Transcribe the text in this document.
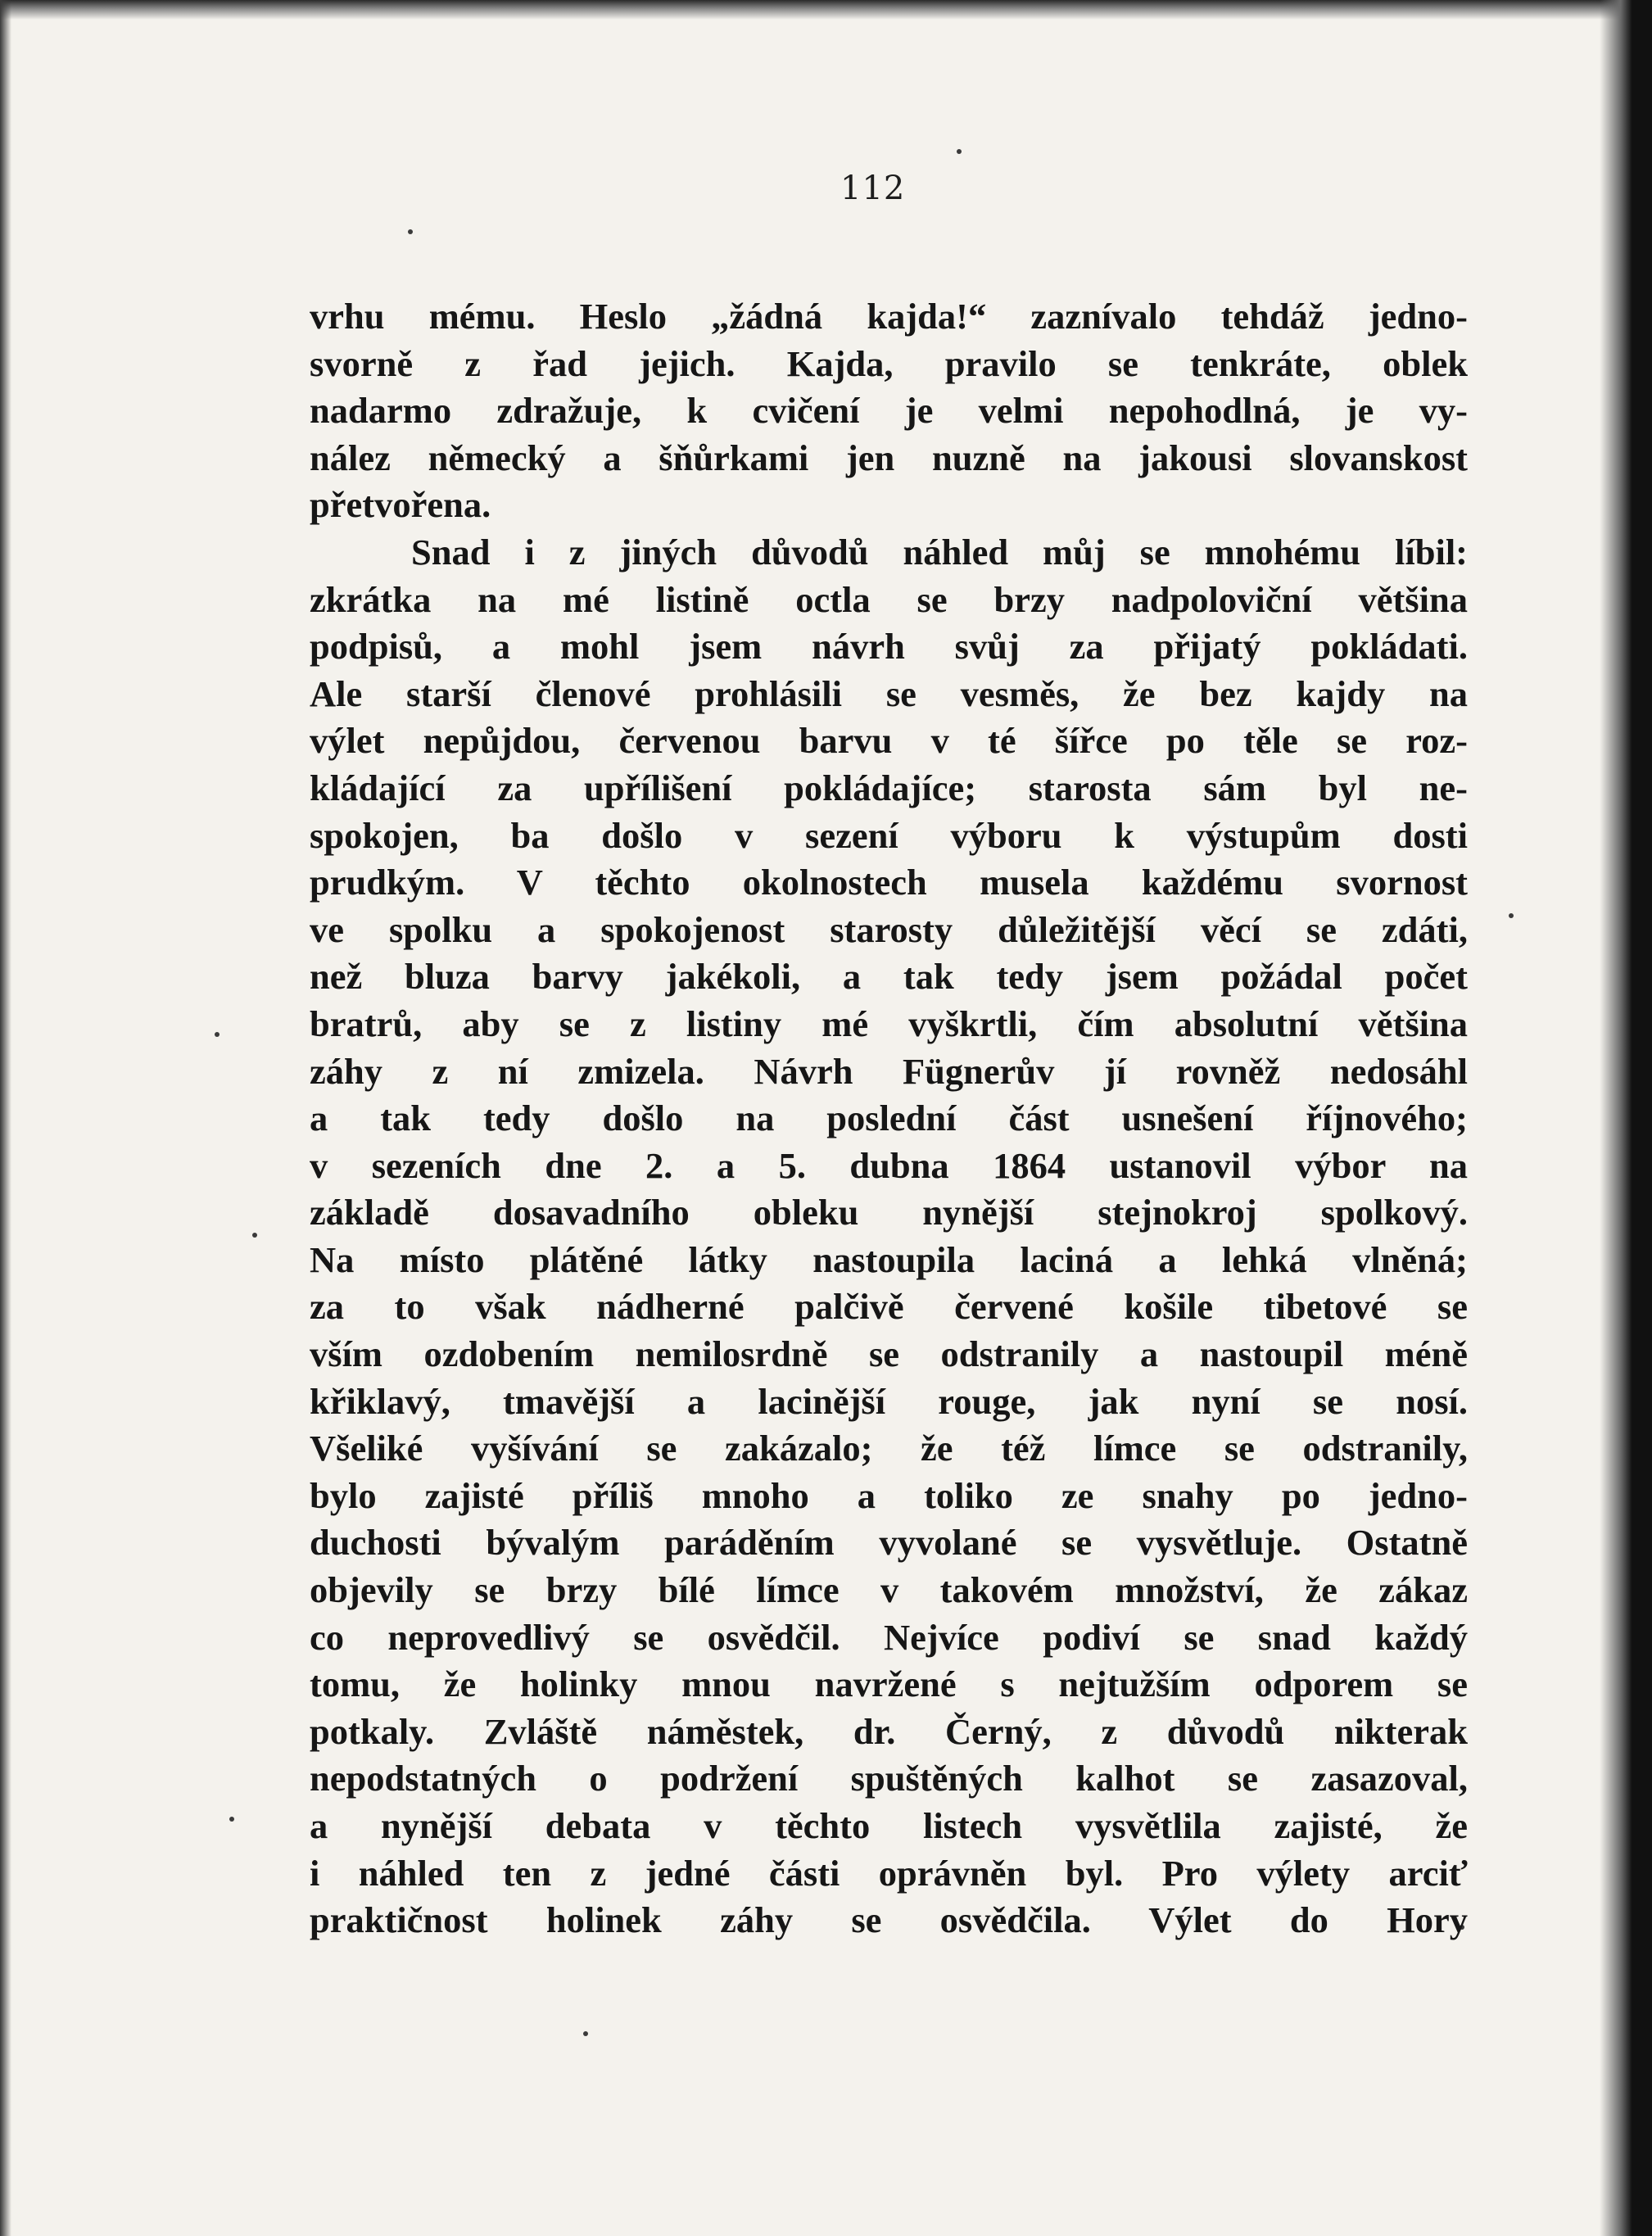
112
vrhu mému. Heslo „žádná kajda!“ zaznívalo tehdáž jedno-
svorně z řad jejich. Kajda, pravilo se tenkráte, oblek
nadarmo zdražuje, k cvičení je velmi nepohodlná, je vy-
nález německý a šňůrkami jen nuzně na jakousi slovanskost
přetvořena.
Snad i z jiných důvodů náhled můj se mnohému líbil:
zkrátka na mé listině octla se brzy nadpoloviční většina
podpisů, a mohl jsem návrh svůj za přijatý pokládati.
Ale starší členové prohlásili se vesměs, že bez kajdy na
výlet nepůjdou, červenou barvu v té šířce po těle se roz-
kládající za upřílišení pokládajíce; starosta sám byl ne-
spokojen, ba došlo v sezení výboru k výstupům dosti
prudkým. V těchto okolnostech musela každému svornost
ve spolku a spokojenost starosty důležitější věcí se zdáti,
než bluza barvy jakékoli, a tak tedy jsem požádal počet
bratrů, aby se z listiny mé vyškrtli, čím absolutní většina
záhy z ní zmizela. Návrh Fügnerův jí rovněž nedosáhl
a tak tedy došlo na poslední část usnešení říjnového;
v sezeních dne 2. a 5. dubna 1864 ustanovil výbor na
základě dosavadního obleku nynější stejnokroj spolkový.
Na místo plátěné látky nastoupila laciná a lehká vlněná;
za to však nádherné palčivě červené košile tibetové se
vším ozdobením nemilosrdně se odstranily a nastoupil méně
křiklavý, tmavější a lacinější rouge, jak nyní se nosí.
Všeliké vyšívání se zakázalo; že též límce se odstranily,
bylo zajisté příliš mnoho a toliko ze snahy po jedno-
duchosti bývalým paráděním vyvolané se vysvětluje. Ostatně
objevily se brzy bílé límce v takovém množství, že zákaz
co neprovedlivý se osvědčil. Nejvíce podiví se snad každý
tomu, že holinky mnou navržené s nejtužším odporem se
potkaly. Zvláště náměstek, dr. Černý, z důvodů nikterak
nepodstatných o podržení spuštěných kalhot se zasazoval,
a nynější debata v těchto listech vysvětlila zajisté, že
i náhled ten z jedné části oprávněn byl. Pro výlety arciť
praktičnost holinek záhy se osvědčila. Výlet do Hory
